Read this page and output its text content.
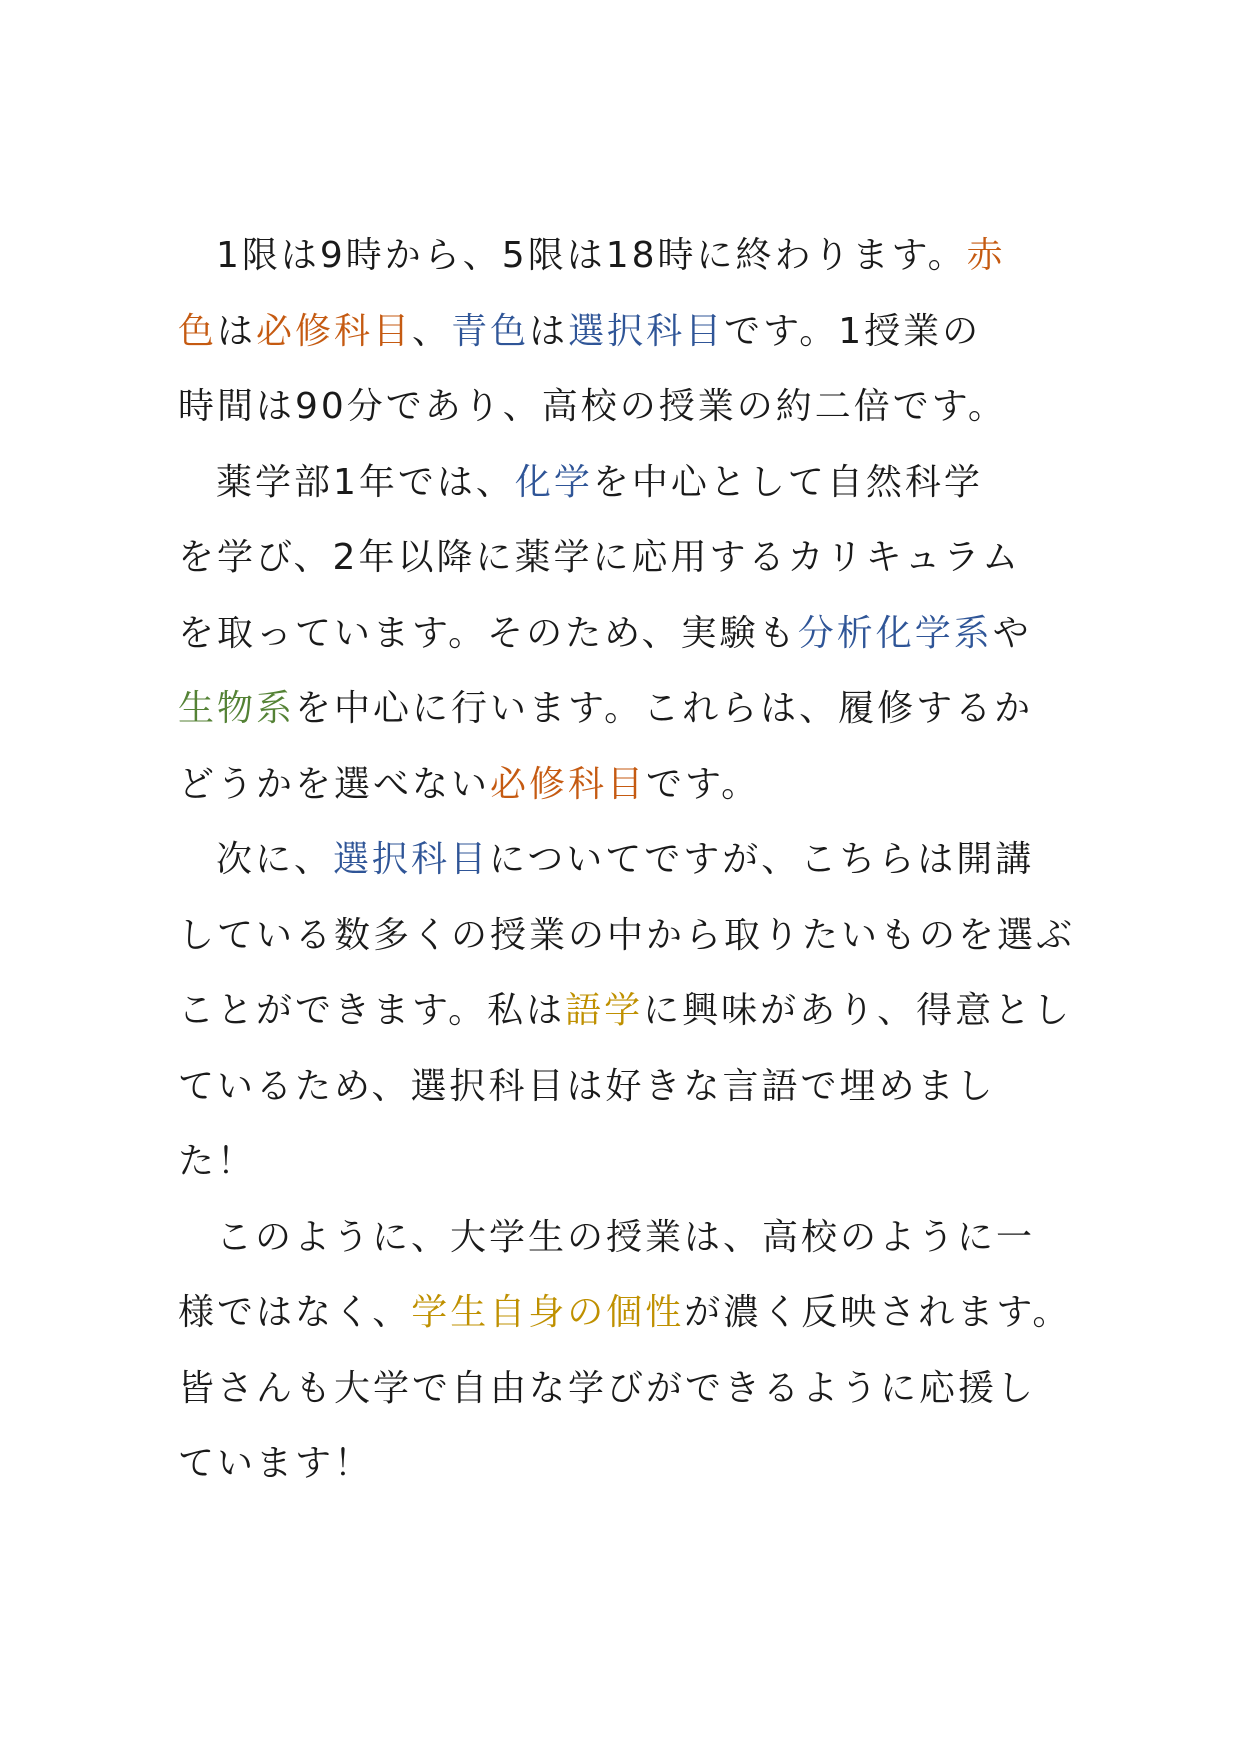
1限は9時から、5限は18時に終わります。赤
色は必修科目、青色は選択科目です。1授業の
時間は90分であり、高校の授業の約二倍です。
薬学部1年では、化学を中心として自然科学
を学び、2年以降に薬学に応用するカリキュラム
を取っています。そのため、実験も分析化学系や
生物系を中心に行います。これらは、履修するか
どうかを選べない必修科目です。
次に、選択科目についてですが、こちらは開講
している数多くの授業の中から取りたいものを選ぶ
ことができます。私は語学に興味があり、得意とし
ているため、選択科目は好きな言語で埋めまし
た！
このように、大学生の授業は、高校のように一
様ではなく、学生自身の個性が濃く反映されます。
皆さんも大学で自由な学びができるように応援し
ています！
